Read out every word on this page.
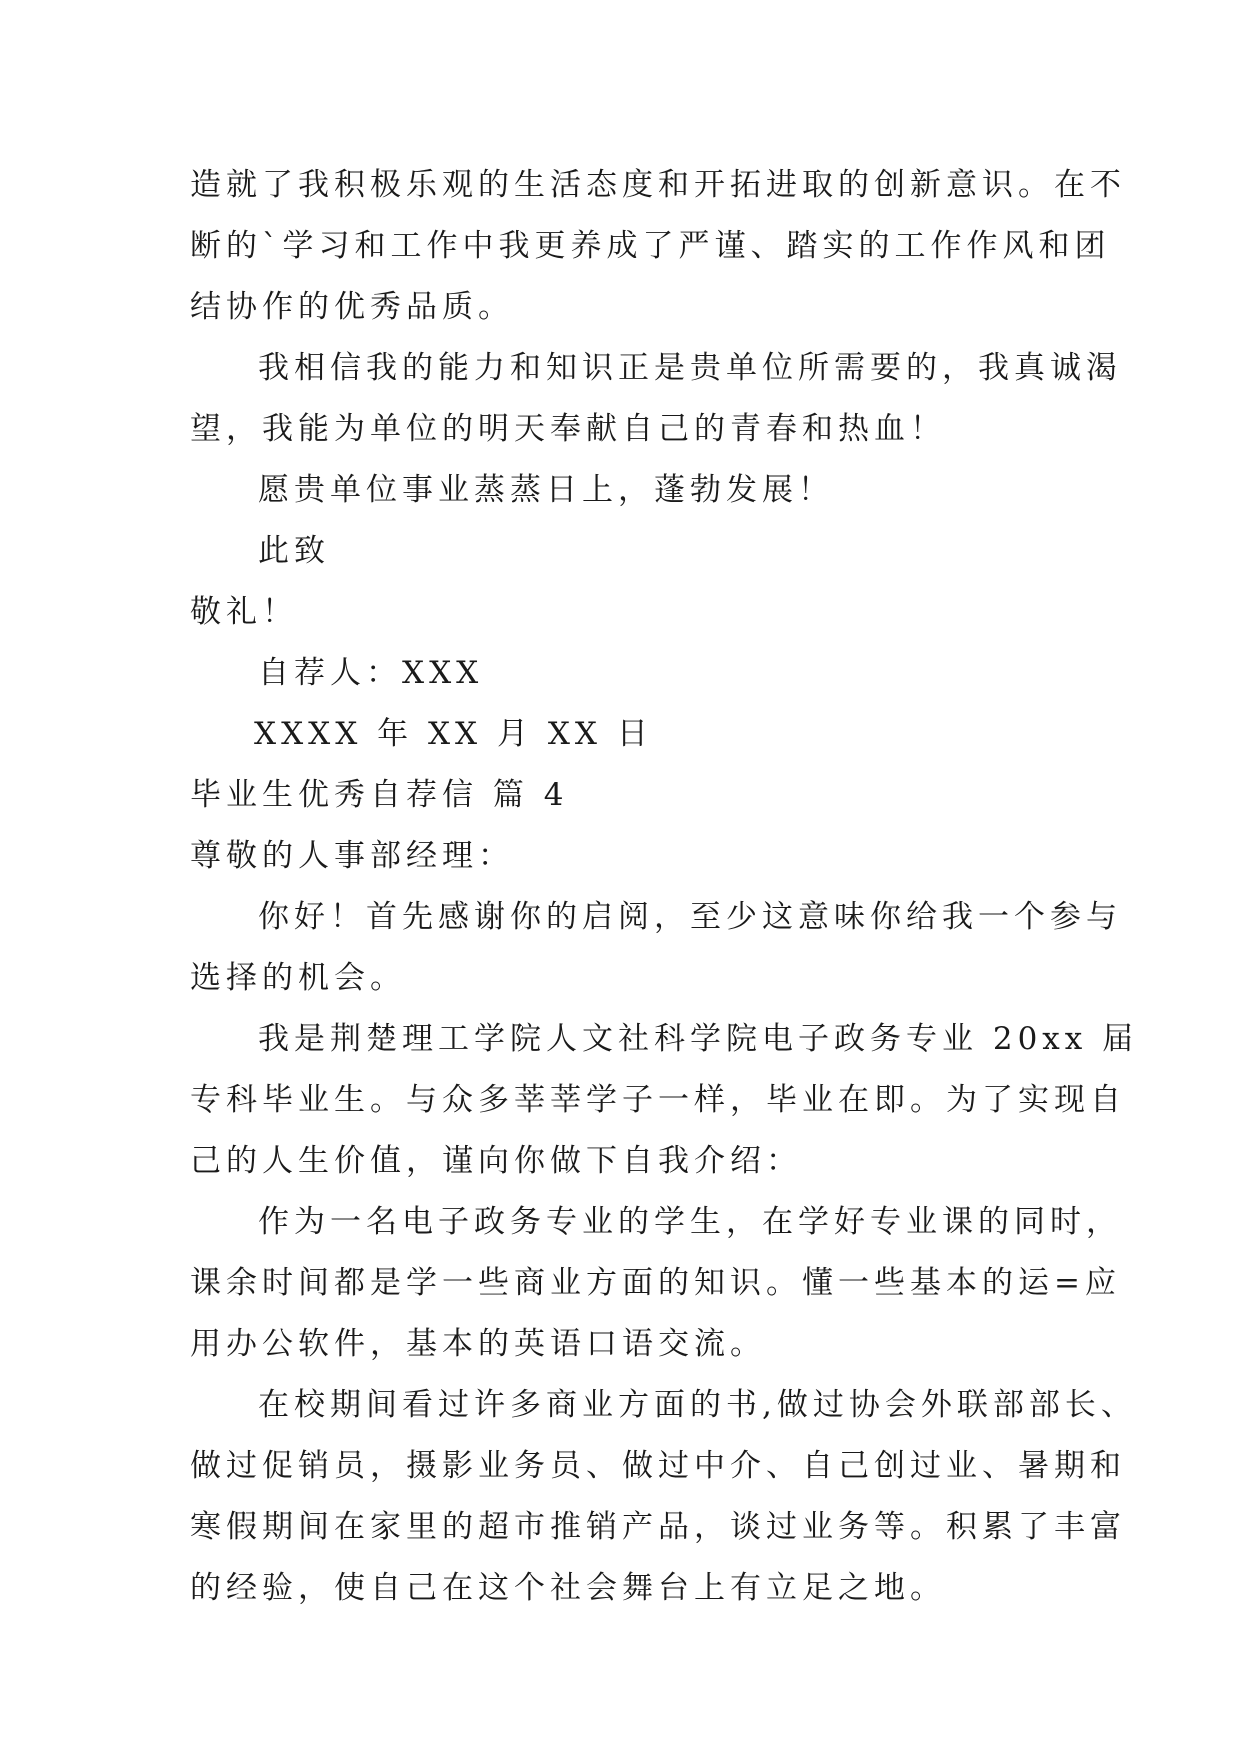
造就了我积极乐观的生活态度和开拓进取的创新意识。在不
断的`学习和工作中我更养成了严谨、踏实的工作作风和团
结协作的优秀品质。
我相信我的能力和知识正是贵单位所需要的，我真诚渴
望，我能为单位的明天奉献自己的青春和热血！
愿贵单位事业蒸蒸日上，蓬勃发展！
此致
敬礼！
自荐人：XXX
XXXX 年 XX 月 XX 日
毕业生优秀自荐信 篇 4
尊敬的人事部经理：
你好！首先感谢你的启阅，至少这意味你给我一个参与
选择的机会。
我是荆楚理工学院人文社科学院电子政务专业 20xx 届
专科毕业生。与众多莘莘学子一样，毕业在即。为了实现自
己的人生价值，谨向你做下自我介绍：
作为一名电子政务专业的学生，在学好专业课的同时，
课余时间都是学一些商业方面的知识。懂一些基本的运=应
用办公软件，基本的英语口语交流。
在校期间看过许多商业方面的书,做过协会外联部部长、
做过促销员，摄影业务员、做过中介、自己创过业、暑期和
寒假期间在家里的超市推销产品，谈过业务等。积累了丰富
的经验，使自己在这个社会舞台上有立足之地。
